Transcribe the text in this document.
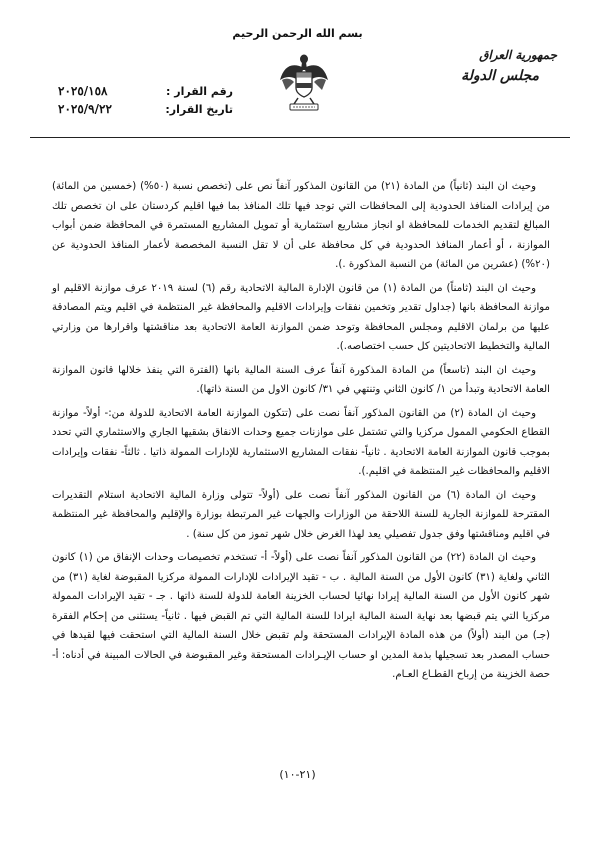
بسم الله الرحمن الرحيم
جمهورية العراق
مجلس الدولة
رقم القرار :
٢٠٢٥/١٥٨
تاريخ القرار:
٢٠٢٥/٩/٢٢

وحيث ان البند (ثانياً) من المادة (٢١) من القانون المذكور آنفاً نص على (تخصص نسبة (٥٠%) (خمسين من المائة) من إيرادات المنافذ الحدودية إلى المحافظات التي توجد فيها تلك المنافذ بما فيها اقليم كردستان على ان تخصص تلك المبالغ لتقديم الخدمات للمحافظة او انجاز مشاريع استثمارية أو تمويل المشاريع المستمرة في المحافظة ضمن أبواب الموازنة ، أو أعمار المنافذ الحدودية في كل محافظة على أن لا تقل النسبة المخصصة لأعمار المنافذ الحدودية عن (٢٠%) (عشرين من المائة) من النسبة المذكورة .).

وحيث ان البند (ثامناً) من المادة (١) من قانون الإدارة المالية الاتحادية رقم (٦) لسنة ٢٠١٩ عرف موازنة الاقليم او موازنة المحافظة بانها (جداول تقدير وتخمين نفقات وإيرادات الاقليم والمحافظة غير المنتظمة في اقليم ويتم المصادقة عليها من برلمان الاقليم ومجلس المحافظة وتوحد ضمن الموازنة العامة الاتحادية بعد مناقشتها واقرارها من وزارتي المالية والتخطيط الاتحاديتين كل حسب اختصاصه.).

وحيث ان البند (تاسعاً) من المادة المذكورة آنفاً عرف السنة المالية بانها (الفترة التي ينفذ خلالها قانون الموازنة العامة الاتحادية وتبدأ من ١/ كانون الثاني وتنتهي في ٣١/ كانون الاول من السنة ذاتها).

وحيث ان المادة (٢) من القانون المذكور آنفاً نصت على (تتكون الموازنة العامة الاتحادية للدولة من:- أولاً- موازنة القطاع الحكومي الممول مركزيا والتي تشتمل على موازنات جميع وحدات الانفاق بشقيها الجاري والاستثماري التي تحدد بموجب قانون الموازنة العامة الاتحادية . ثانياً- نفقات المشاريع الاستثمارية للإدارات الممولة ذاتيا . ثالثاً- نفقات وإيرادات الاقليم والمحافظات غير المنتظمة في اقليم.).

وحيث ان المادة (٦) من القانون المذكور آنفاً نصت على (أولاً- تتولى وزارة المالية الاتحادية استلام التقديرات المقترحة للموازنة الجارية للسنة اللاحقة من الوزارات والجهات غير المرتبطة بوزارة والإقليم والمحافظة غير المنتظمة في اقليم ومناقشتها وفق جدول تفصيلي يعد لهذا الغرض خلال شهر تموز من كل سنة) .

وحيث ان المادة (٢٢) من القانون المذكور آنفاً نصت على (أولاً- أ- تستخدم تخصيصات وحدات الإنفاق من (١) كانون الثاني ولغاية (٣١) كانون الأول من السنة المالية . ب - تقيد الإيرادات للإدارات الممولة مركزيا المقبوضة لغاية (٣١) من شهر كانون الأول من السنة المالية إيرادا نهائيا لحساب الخزينة العامة للدولة للسنة ذاتها . جـ - تقيد الإيرادات الممولة مركزيا التي يتم قبضها بعد نهاية السنة المالية ايرادا للسنة المالية التي تم القبض فيها . ثانياً- يستثنى من إحكام الفقرة (جـ) من البند (أولاً) من هذه المادة الإيرادات المستحقة ولم تقبض خلال السنة المالية التي استحقت فيها لقيدها في حساب المصدر بعد تسجيلها بذمة المدين او حساب الإيـرادات المستحقة وغير المقبوضة في الحالات المبينة في أدناه: أ- حصة الخزينة من إرباح القطـاع العـام.

(٢١-١٠)
